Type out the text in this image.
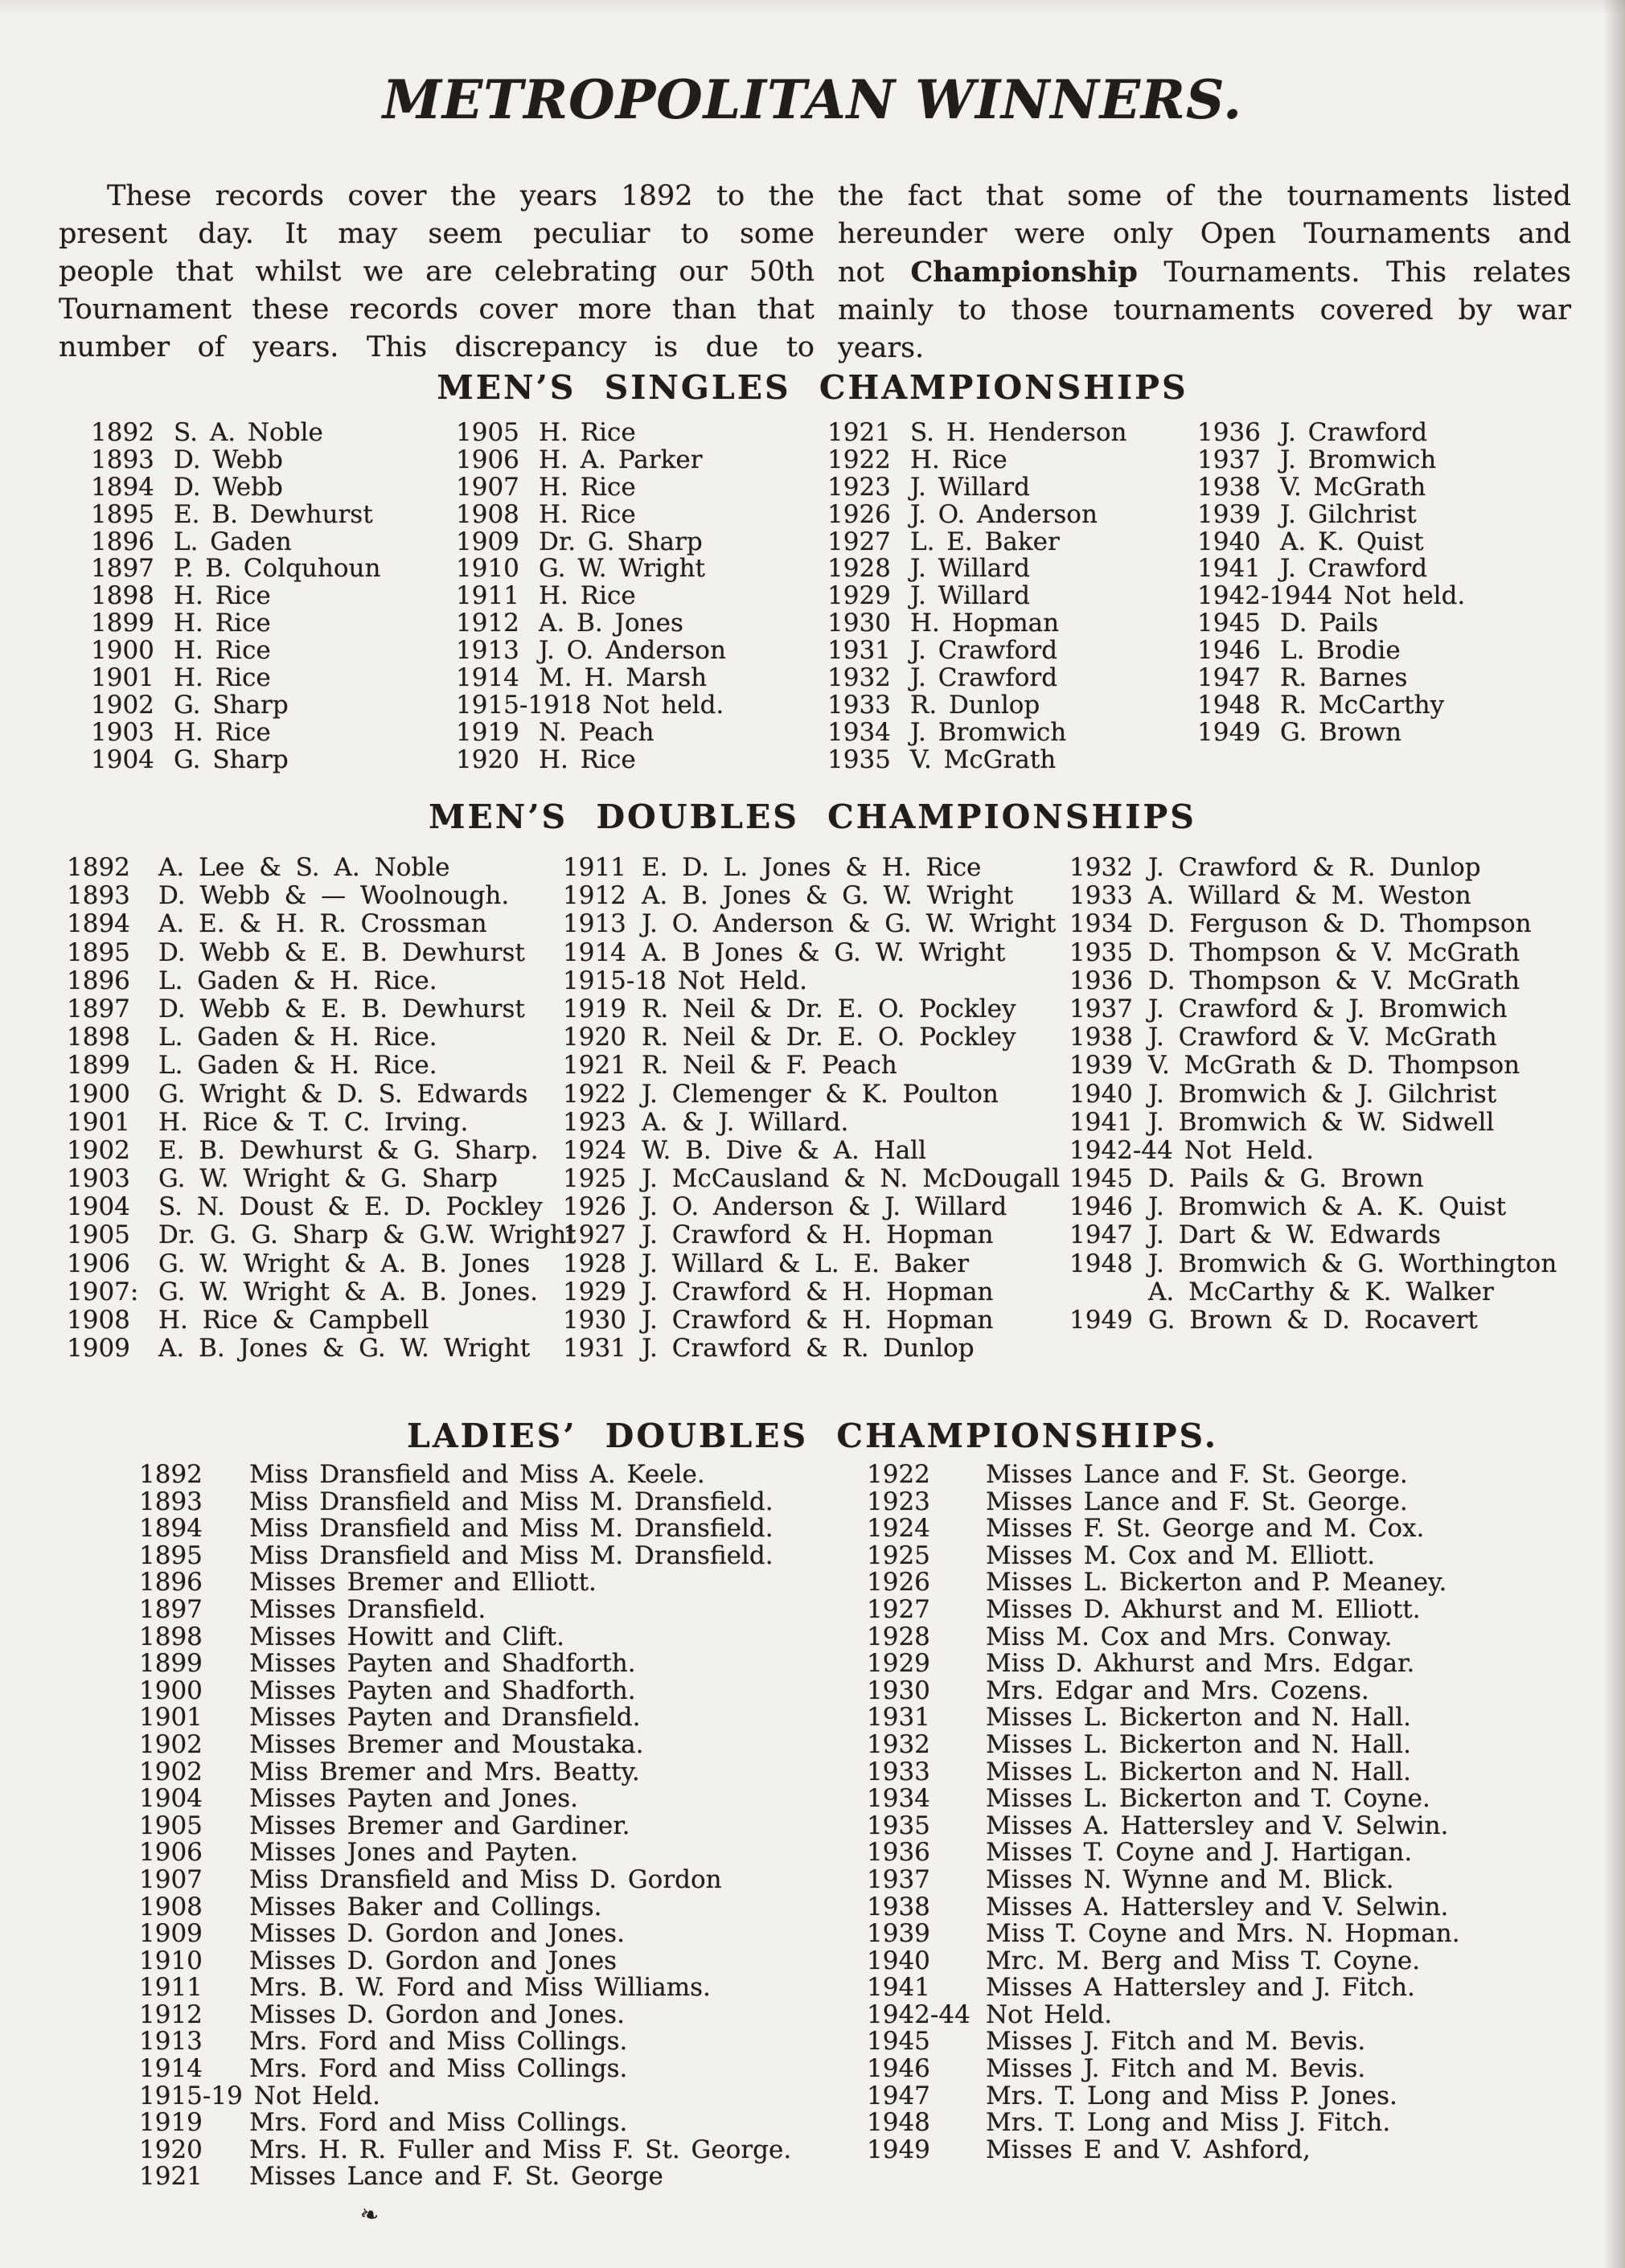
METROPOLITAN WINNERS.
These records cover the years 1892 to the
present day. It may seem peculiar to some
people that whilst we are celebrating our 50th
Tournament these records cover more than that
number of years. This discrepancy is due to
the fact that some of the tournaments listed
hereunder were only Open Tournaments and
not Championship Tournaments. This relates
mainly to those tournaments covered by war
years.
MEN’S SINGLES CHAMPIONSHIPS
1892 S. A. Noble
1893 D. Webb
1894 D. Webb
1895 E. B. Dewhurst
1896 L. Gaden
1897 P. B. Colquhoun
1898 H. Rice
1899 H. Rice
1900 H. Rice
1901 H. Rice
1902 G. Sharp
1903 H. Rice
1904 G. Sharp
1905 H. Rice
1906 H. A. Parker
1907 H. Rice
1908 H. Rice
1909 Dr. G. Sharp
1910 G. W. Wright
1911 H. Rice
1912 A. B. Jones
1913 J. O. Anderson
1914 M. H. Marsh
1915-1918 Not held.
1919 N. Peach
1920 H. Rice
1921 S. H. Henderson
1922 H. Rice
1923 J. Willard
1926 J. O. Anderson
1927 L. E. Baker
1928 J. Willard
1929 J. Willard
1930 H. Hopman
1931 J. Crawford
1932 J. Crawford
1933 R. Dunlop
1934 J. Bromwich
1935 V. McGrath
1936 J. Crawford
1937 J. Bromwich
1938 V. McGrath
1939 J. Gilchrist
1940 A. K. Quist
1941 J. Crawford
1942-1944 Not held.
1945 D. Pails
1946 L. Brodie
1947 R. Barnes
1948 R. McCarthy
1949 G. Brown
MEN’S DOUBLES CHAMPIONSHIPS
1892	A. Lee & S. A. Noble
1893	D. Webb & — Woolnough.
1894	A. E. & H. R. Crossman
1895	D. Webb & E. B. Dewhurst
1896	L. Gaden & H. Rice.
1897	D. Webb & E. B. Dewhurst
1898	L. Gaden & H. Rice.
1899	L. Gaden & H. Rice.
1900	G. Wright & D. S. Edwards
1901	H. Rice & T. C. Irving.
1902	E. B. Dewhurst & G. Sharp.
1903	G. W. Wright & G. Sharp
1904	S. N. Doust & E. D. Pockley
1905	Dr. G. G. Sharp & G.W. Wright
1906	G. W. Wright & A. B. Jones
1907: G. W. Wright & A. B. Jones.
1908	H. Rice & Campbell
1909	A. B. Jones & G. W. Wright
1911 E. D. L. Jones & H. Rice
1912 A. B. Jones & G. W. Wright
1913 J. O. Anderson & G. W. Wright
1914 A. B Jones & G. W. Wright
1915-18 Not Held.
1919 R. Neil & Dr. E. O. Pockley
1920 R. Neil & Dr. E. O. Pockley
1921 R. Neil & F. Peach
1922 J. Clemenger & K. Poulton
1923 A. & J. Willard.
1924 W. B. Dive & A. Hall
1925 J. McCausland & N. McDougall
1926 J. O. Anderson & J. Willard
1927 J. Crawford & H. Hopman
1928 J. Willard & L. E. Baker
1929 J. Crawford & H. Hopman
1930 J. Crawford & H. Hopman
1931 J. Crawford & R. Dunlop
1932 J. Crawford & R. Dunlop
1933 A. Willard & M. Weston
1934 D. Ferguson & D. Thompson
1935 D. Thompson & V. McGrath
1936 D. Thompson & V. McGrath
1937 J. Crawford & J. Bromwich
1938 J. Crawford & V. McGrath
1939 V. McGrath & D. Thompson
1940 J. Bromwich & J. Gilchrist
1941 J. Bromwich & W. Sidwell
1942-44 Not Held.
1945 D. Pails & G. Brown
1946 J. Bromwich & A. K. Quist
1947 J. Dart & W. Edwards
1948 J. Bromwich & G. Worthington
A. McCarthy & K. Walker
1949 G. Brown & D. Rocavert
LADIES’ DOUBLES CHAMPIONSHIPS.
1892	Miss Dransfield and Miss A. Keele.
1893	Miss Dransfield and Miss M. Dransfield.
1894	Miss Dransfield and Miss M. Dransfield.
1895	Miss Dransfield and Miss M. Dransfield.
1896	Misses Bremer and Elliott.
1897	Misses Dransfield.
1898	Misses Howitt and Clift.
1899	Misses Payten and Shadforth.
1900	Misses Payten and Shadforth.
1901	Misses Payten and Dransfield.
1902	Misses Bremer and Moustaka.
1902	Miss Bremer and Mrs. Beatty.
1904	Misses Payten and Jones.
1905	Misses Bremer and Gardiner.
1906	Misses Jones and Payten.
1907	Miss Dransfield and Miss D. Gordon
1908	Misses Baker and Collings.
1909	Misses D. Gordon and Jones.
1910	Misses D. Gordon and Jones
1911	Mrs. B. W. Ford and Miss Williams.
1912	Misses D. Gordon and Jones.
1913	Mrs. Ford and Miss Collings.
1914	Mrs. Ford and Miss Collings.
1915-19 Not Held.
1919	Mrs. Ford and Miss Collings.
1920	Mrs. H. R. Fuller and Miss F. St. George.
1921	Misses Lance and F. St. George
1922	Misses Lance and F. St. George.
1923	Misses Lance and F. St. George.
1924	Misses F. St. George and M. Cox.
1925	Misses M. Cox and M. Elliott.
1926	Misses L. Bickerton and P. Meaney.
1927	Misses D. Akhurst and M. Elliott.
1928	Miss M. Cox and Mrs. Conway.
1929	Miss D. Akhurst and Mrs. Edgar.
1930	Mrs. Edgar and Mrs. Cozens.
1931	Misses L. Bickerton and N. Hall.
1932	Misses L. Bickerton and N. Hall.
1933	Misses L. Bickerton and N. Hall.
1934	Misses L. Bickerton and T. Coyne.
1935	Misses A. Hattersley and V. Selwin.
1936	Misses T. Coyne and J. Hartigan.
1937	Misses N. Wynne and M. Blick.
1938	Misses A. Hattersley and V. Selwin.
1939	Miss T. Coyne and Mrs. N. Hopman.
1940	Mrc. M. Berg and Miss T. Coyne.
1941	Misses A Hattersley and J. Fitch.
1942-44 Not Held.
1945	Misses J. Fitch and M. Bevis.
1946	Misses J. Fitch and M. Bevis.
1947	Mrs. T. Long and Miss P. Jones.
1948	Mrs. T. Long and Miss J. Fitch.
1949	Misses E and V. Ashford,
❧
